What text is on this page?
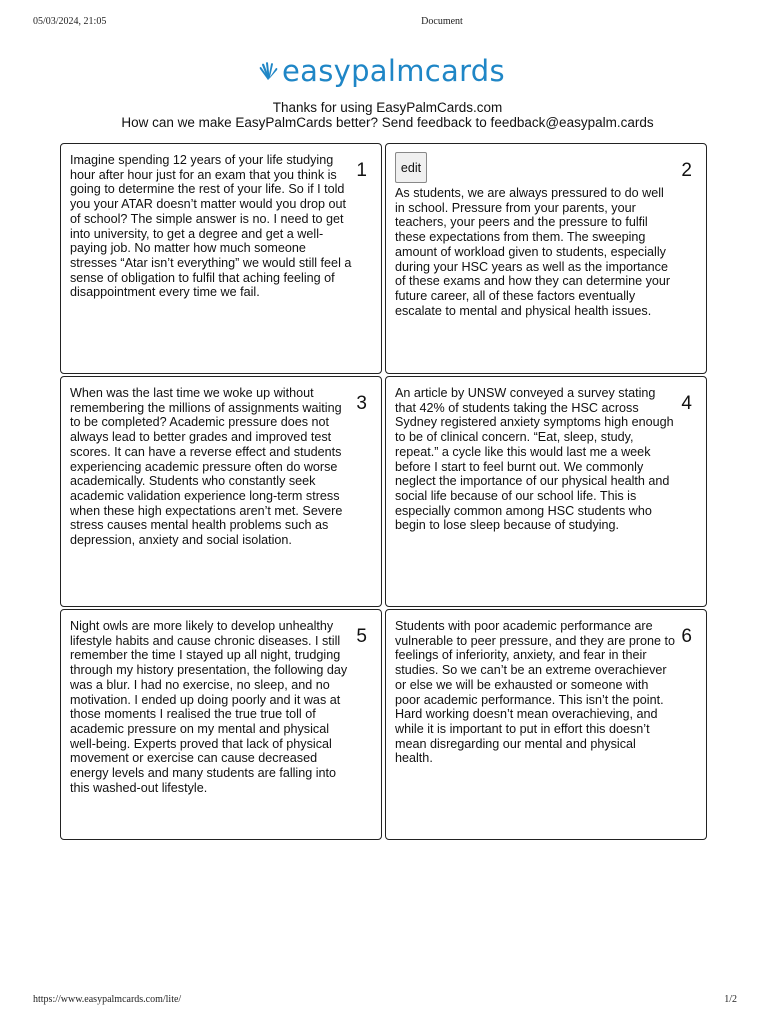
05/03/2024, 21:05	Document
easypalmcards
Thanks for using EasyPalmCards.com
How can we make EasyPalmCards better? Send feedback to feedback@easypalm.cards
Imagine spending 12 years of your life studying hour after hour just for an exam that you think is going to determine the rest of your life. So if I told you your ATAR doesn’t matter would you drop out of school? The simple answer is no. I need to get into university, to get a degree and get a well-paying job. No matter how much someone stresses “Atar isn’t everything” we would still feel a sense of obligation to fulfil that aching feeling of disappointment every time we fail.
1	edit
As students, we are always pressured to do well in school. Pressure from your parents, your teachers, your peers and the pressure to fulfil these expectations from them. The sweeping amount of workload given to students, especially during your HSC years as well as the importance of these exams and how they can determine your future career, all of these factors eventually escalate to mental and physical health issues.
2
When was the last time we woke up without remembering the millions of assignments waiting to be completed? Academic pressure does not always lead to better grades and improved test scores. It can have a reverse effect and students experiencing academic pressure often do worse academically. Students who constantly seek academic validation experience long-term stress when these high expectations aren’t met. Severe stress causes mental health problems such as depression, anxiety and social isolation.
3 An article by UNSW conveyed a survey stating that 42% of students taking the HSC across Sydney registered anxiety symptoms high enough to be of clinical concern. “Eat, sleep, study, repeat.” a cycle like this would last me a week before I start to feel burnt out. We commonly neglect the importance of our physical health and social life because of our school life. This is especially common among HSC students who begin to lose sleep because of studying.
4
Night owls are more likely to develop unhealthy lifestyle habits and cause chronic diseases. I still remember the time I stayed up all night, trudging through my history presentation, the following day was a blur. I had no exercise, no sleep, and no motivation. I ended up doing poorly and it was at those moments I realised the true true toll of academic pressure on my mental and physical well-being. Experts proved that lack of physical movement or exercise can cause decreased energy levels and many students are falling into this washed-out lifestyle.
5 Students with poor academic performance are vulnerable to peer pressure, and they are prone to feelings of inferiority, anxiety, and fear in their studies. So we can’t be an extreme overachiever or else we will be exhausted or someone with poor academic performance. This isn’t the point. Hard working doesn’t mean overachieving, and while it is important to put in effort this doesn’t mean disregarding our mental and physical health.
6
https://www.easypalmcards.com/lite/	1/2
